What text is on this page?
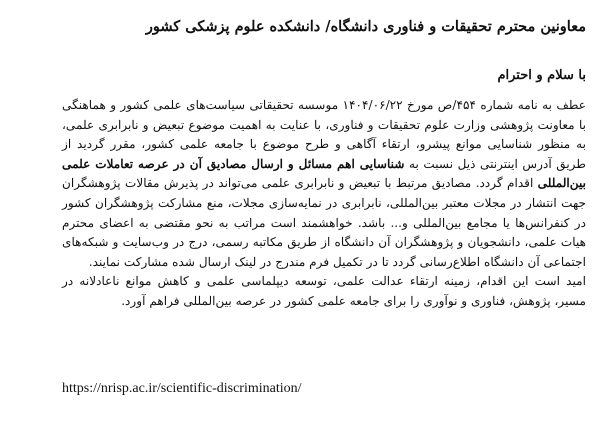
معاونین محترم تحقیقات و فناوری دانشگاه/ دانشکده علوم پزشکی کشور
با سلام و احترام

عطف به نامه شماره ۴۵۴/ص مورخ ۱۴۰۴/۰۶/۲۲ موسسه تحقیقاتی سیاست‌های علمی کشور و هماهنگی با معاونت پژوهشی وزارت علوم تحقیقات و فناوری، با عنایت به اهمیت موضوع تبعیض و نابرابری علمی، به منظور شناسایی موانع پیشرو، ارتقاء آگاهی و طرح موضوع با جامعه علمی کشور، مقرر گردید از طریق آدرس اینترنتی ذیل نسبت به شناسایی اهم مسائل و ارسال مصادیق آن در عرصه تعاملات علمی بین‌المللی اقدام گردد. مصادیق مرتبط با تبعیض و نابرابری علمی می‌تواند در پذیرش مقالات پژوهشگران جهت انتشار در مجلات معتبر بین‌المللی، نابرابری در نمایه‌سازی مجلات، منع مشارکت پژوهشگران کشور در کنفرانس‌ها یا مجامع بین‌المللی و... باشد. خواهشمند است مراتب به نحو مقتضی به اعضای محترم هیات علمی، دانشجویان و پژوهشگران آن دانشگاه از طریق مکاتبه رسمی، درج در وب‌سایت و شبکه‌های اجتماعی آن دانشگاه اطلاع‌رسانی گردد تا در تکمیل فرم مندرج در لینک ارسال شده مشارکت نمایند.

امید است این اقدام، زمینه ارتقاء عدالت علمی، توسعه دیپلماسی علمی و کاهش موانع ناعادلانه در مسیر، پژوهش، فناوری و نوآوری را برای جامعه علمی کشور در عرصه بین‌المللی فراهم آورد.

https://nrisp.ac.ir/scientific-discrimination/
